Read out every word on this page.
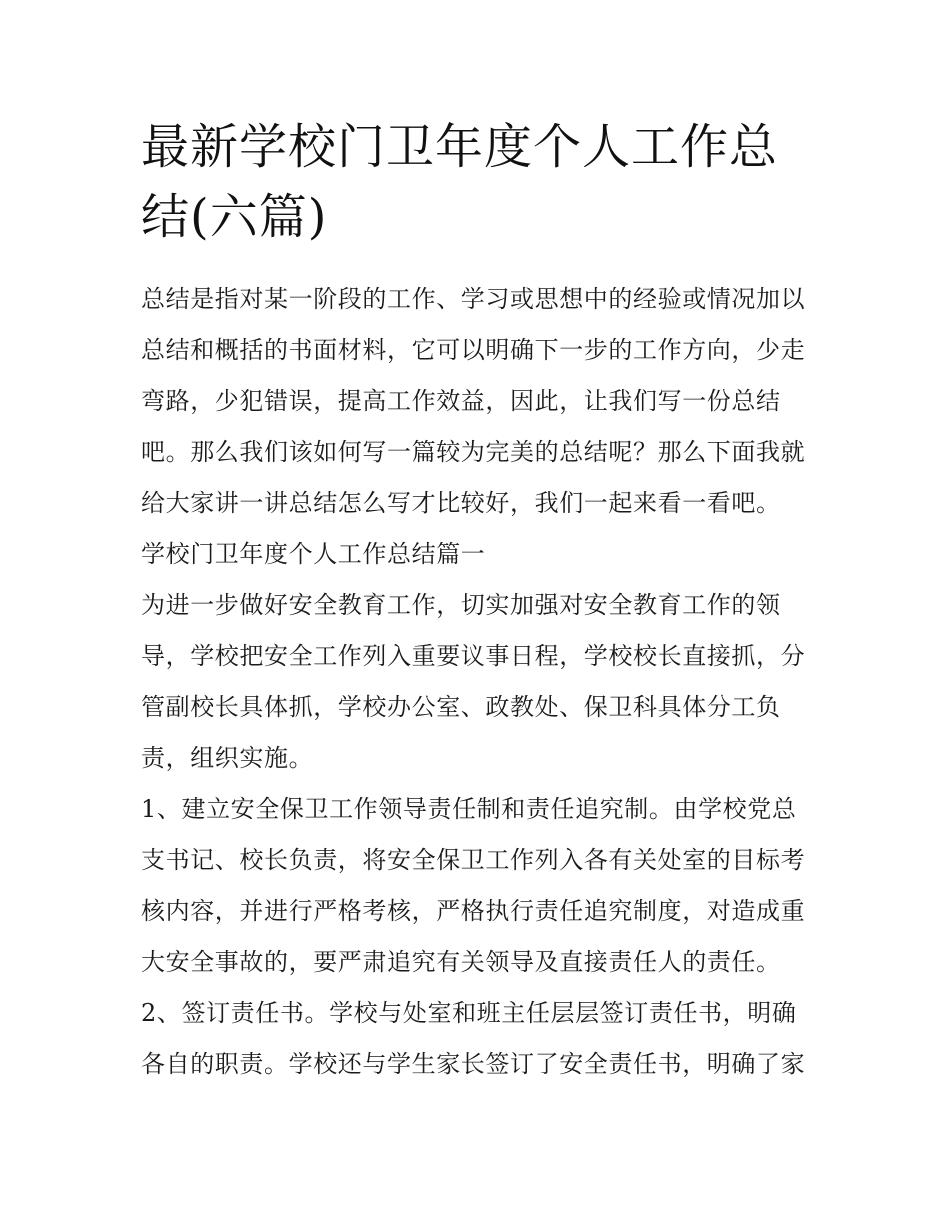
最新学校门卫年度个人工作总结(六篇)

总结是指对某一阶段的工作、学习或思想中的经验或情况加以总结和概括的书面材料，它可以明确下一步的工作方向，少走弯路，少犯错误，提高工作效益，因此，让我们写一份总结吧。那么我们该如何写一篇较为完美的总结呢？那么下面我就给大家讲一讲总结怎么写才比较好，我们一起来看一看吧。

学校门卫年度个人工作总结篇一

为进一步做好安全教育工作，切实加强对安全教育工作的领导，学校把安全工作列入重要议事日程，学校校长直接抓，分管副校长具体抓，学校办公室、政教处、保卫科具体分工负责，组织实施。

1、建立安全保卫工作领导责任制和责任追究制。由学校党总支书记、校长负责，将安全保卫工作列入各有关处室的目标考核内容，并进行严格考核，严格执行责任追究制度，对造成重大安全事故的，要严肃追究有关领导及直接责任人的责任。

2、签订责任书。学校与处室和班主任层层签订责任书，明确各自的职责。学校还与学生家长签订了安全责任书，明确了家
